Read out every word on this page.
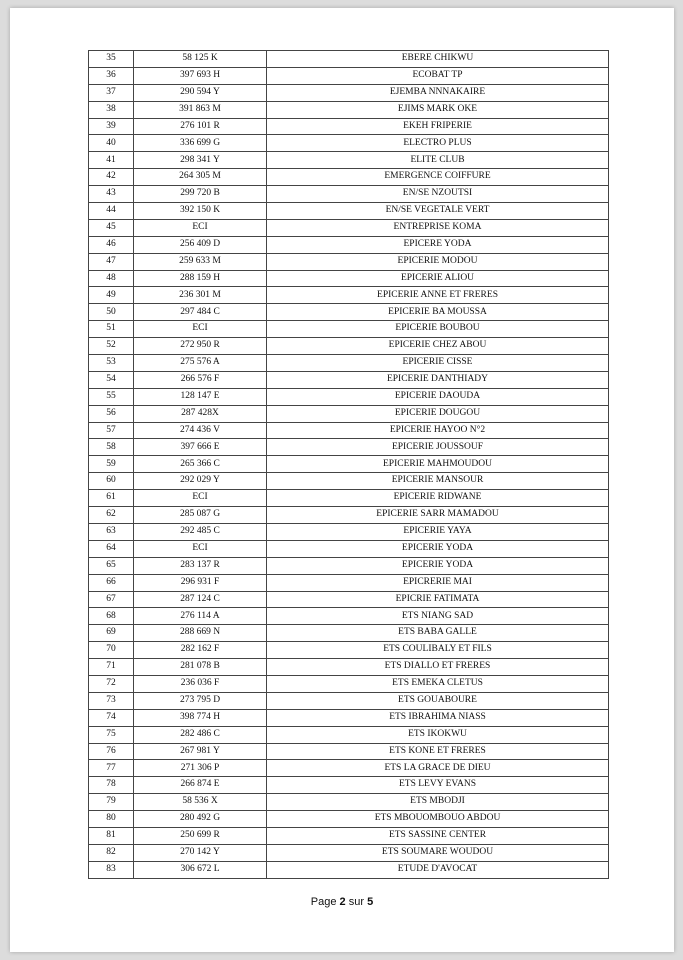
35	58 125 K	EBERE CHIKWU
36	397 693 H	ECOBAT TP
37	290 594 Y	EJEMBA NNNAKAIRE
38	391 863 M	EJIMS MARK OKE
39	276 101 R	EKEH FRIPERIE
40	336 699 G	ELECTRO PLUS
41	298 341 Y	ELITE CLUB
42	264 305 M	EMERGENCE COIFFURE
43	299 720 B	EN/SE NZOUTSI
44	392 150 K	EN/SE VEGETALE VERT
45	ECI	ENTREPRISE KOMA
46	256 409 D	EPICERE YODA
47	259 633 M	EPICERIE MODOU
48	288 159 H	EPICERIE ALIOU
49	236 301 M	EPICERIE ANNE ET FRERES
50	297 484 C	EPICERIE BA MOUSSA
51	ECI	EPICERIE BOUBOU
52	272 950 R	EPICERIE CHEZ ABOU
53	275 576 A	EPICERIE CISSE
54	266 576 F	EPICERIE DANTHIADY
55	128 147 E	EPICERIE DAOUDA
56	287 428X	EPICERIE DOUGOU
57	274 436 V	EPICERIE HAYOO N°2
58	397 666 E	EPICERIE JOUSSOUF
59	265 366 C	EPICERIE MAHMOUDOU
60	292 029 Y	EPICERIE MANSOUR
61	ECI	EPICERIE RIDWANE
62	285 087 G	EPICERIE SARR MAMADOU
63	292 485 C	EPICERIE YAYA
64	ECI	EPICERIE YODA
65	283 137 R	EPICERIE YODA
66	296 931 F	EPICRERIE MAI
67	287 124 C	EPICRIE FATIMATA
68	276 114 A	ETS NIANG SAD
69	288 669 N	ETS BABA GALLE
70	282 162 F	ETS COULIBALY ET FILS
71	281 078 B	ETS DIALLO ET FRERES
72	236 036 F	ETS EMEKA CLETUS
73	273 795 D	ETS GOUABOURE
74	398 774 H	ETS IBRAHIMA NIASS
75	282 486 C	ETS IKOKWU
76	267 981 Y	ETS KONE ET FRERES
77	271 306 P	ETS LA GRACE DE DIEU
78	266 874 E	ETS LEVY EVANS
79	58 536 X	ETS MBODJI
80	280 492 G	ETS MBOUOMBOUO ABDOU
81	250 699 R	ETS SASSINE CENTER
82	270 142 Y	ETS SOUMARE WOUDOU
83	306 672 L	ETUDE D'AVOCAT
Page 2 sur 5
